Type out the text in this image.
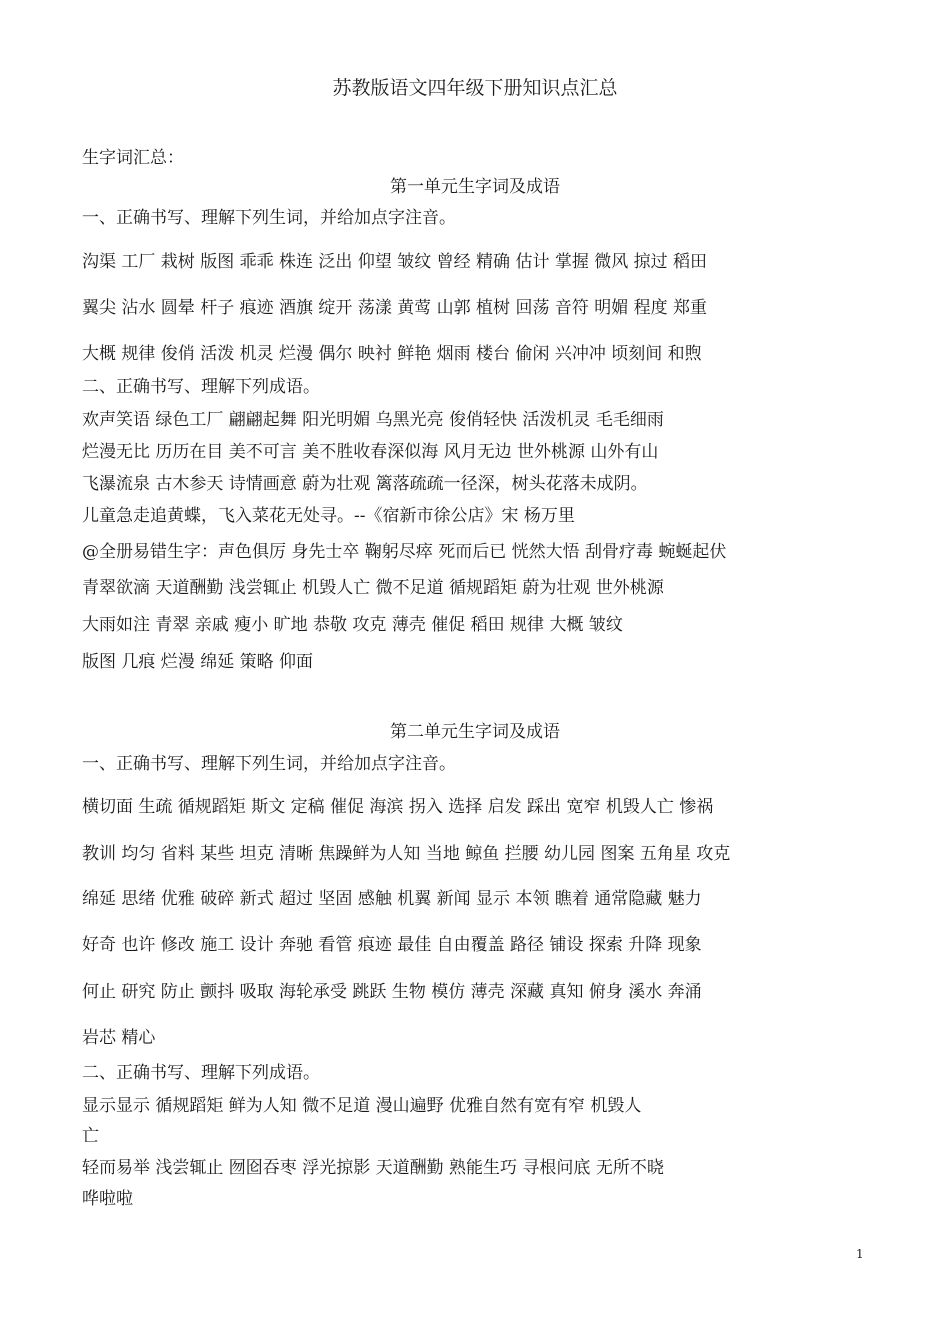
苏教版语文四年级下册知识点汇总
生字词汇总：
第一单元生字词及成语
一、正确书写、理解下列生词，并给加点字注音。
沟渠 工厂 栽树 版图 乖乖 株连 泛出 仰望 皱纹 曾经 精确 估计 掌握 微风 掠过 稻田
翼尖 沾水 圆晕 杆子 痕迹 酒旗 绽开 荡漾 黄莺 山郭 植树 回荡 音符 明媚 程度 郑重
大概 规律 俊俏 活泼 机灵 烂漫 偶尔 映衬 鲜艳 烟雨 楼台 偷闲 兴冲冲 顷刻间 和煦
二、正确书写、理解下列成语。
欢声笑语 绿色工厂 翩翩起舞 阳光明媚 乌黑光亮 俊俏轻快 活泼机灵 毛毛细雨
烂漫无比 历历在目 美不可言 美不胜收春深似海 风月无边 世外桃源 山外有山
飞瀑流泉 古木参天 诗情画意 蔚为壮观 篱落疏疏一径深，树头花落未成阴。
儿童急走追黄蝶，飞入菜花无处寻。--《宿新市徐公店》宋 杨万里
@全册易错生字：声色俱厉 身先士卒 鞠躬尽瘁 死而后已 恍然大悟 刮骨疗毒 蜿蜒起伏
青翠欲滴 天道酬勤 浅尝辄止 机毁人亡 微不足道 循规蹈矩 蔚为壮观 世外桃源
大雨如注 青翠 亲戚 瘦小 旷地 恭敬 攻克 薄壳 催促 稻田 规律 大概 皱纹
版图 几痕 烂漫 绵延 策略 仰面
第二单元生字词及成语
一、正确书写、理解下列生词，并给加点字注音。
横切面 生疏 循规蹈矩 斯文 定稿 催促 海滨 拐入 选择 启发 踩出 宽窄 机毁人亡 惨祸
教训 均匀 省料 某些 坦克 清晰 焦躁鲜为人知 当地 鲸鱼 拦腰 幼儿园 图案 五角星 攻克
绵延 思绪 优雅 破碎 新式 超过 坚固 感触 机翼 新闻 显示 本领 瞧着 通常隐藏 魅力
好奇 也许 修改 施工 设计 奔驰 看管 痕迹 最佳 自由覆盖 路径 铺设 探索 升降 现象
何止 研究 防止 颤抖 吸取 海轮承受 跳跃 生物 模仿 薄壳 深藏 真知 俯身 溪水 奔涌
岩芯 精心
二、正确书写、理解下列成语。
显示显示 循规蹈矩 鲜为人知 微不足道 漫山遍野 优雅自然有宽有窄 机毁人
亡
轻而易举 浅尝辄止 囫囵吞枣 浮光掠影 天道酬勤 熟能生巧 寻根问底 无所不晓
哗啦啦
1
